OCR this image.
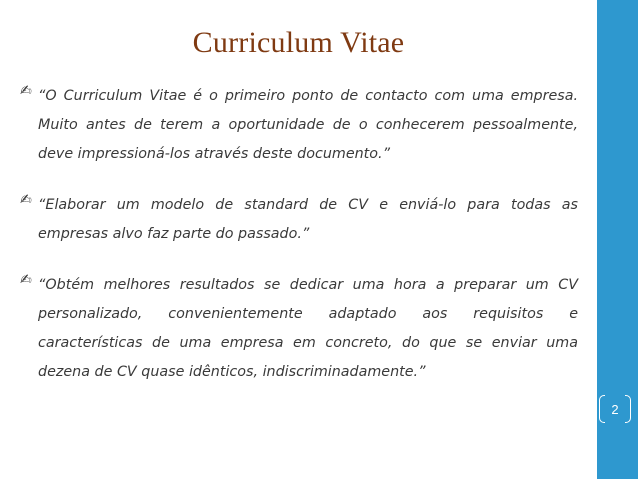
Curriculum Vitae
✍ “O Curriculum Vitae é o primeiro ponto de contacto com uma empresa. Muito antes de terem a oportunidade de o conhecerem pessoalmente, deve impressioná-los através deste documento.”

✍ “Elaborar um modelo de standard de CV e enviá-lo para todas as empresas alvo faz parte do passado.”

✍ “Obtém melhores resultados se dedicar uma hora a preparar um CV personalizado, convenientemente adaptado aos requisitos e características de uma empresa em concreto, do que se enviar uma dezena de CV quase idênticos, indiscriminadamente.”

2
